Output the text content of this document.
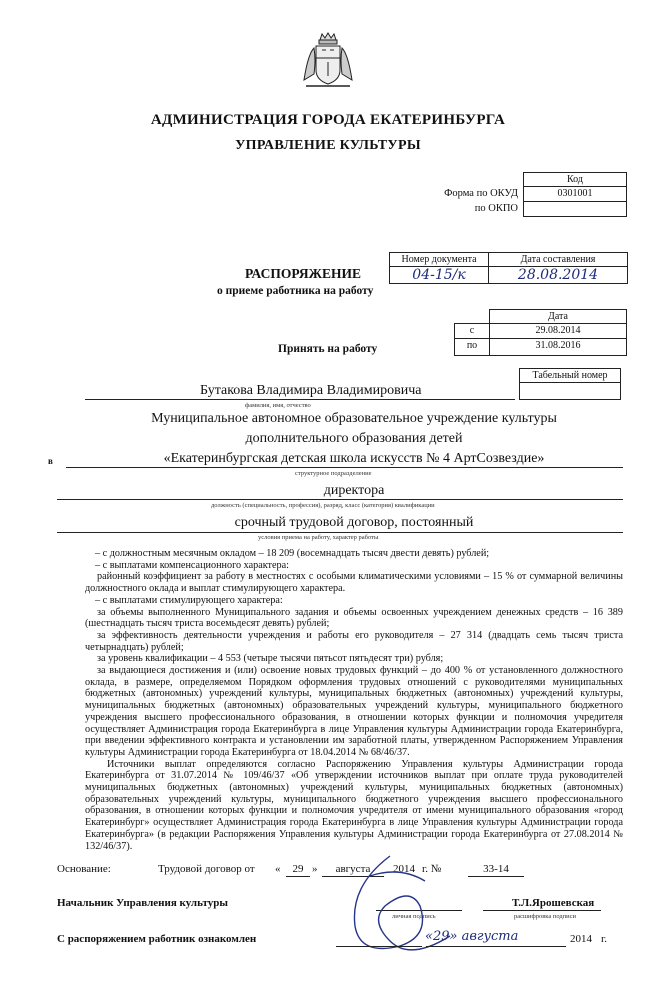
АДМИНИСТРАЦИЯ ГОРОДА ЕКАТЕРИНБУРГА
УПРАВЛЕНИЕ КУЛЬТУРЫ
Код
Форма по ОКУД	0301001
по ОКПО
Номер документа	Дата составления
РАСПОРЯЖЕНИЕ	04-15/к	28.08.2014
о приеме работника на работу
Дата
с	29.08.2014
Принять на работу	по	31.08.2016
Табельный номер
Бутакова Владимира Владимировича
фамилия, имя, отчество
Муниципальное автономное образовательное учреждение культуры
дополнительного образования детей
в	«Екатеринбургская детская школа искусств № 4 АртСозвездие»
структурное подразделение
директора
должность (специальность, профессия), разряд, класс (категория) квалификации
срочный трудовой договор, постоянный
условия приема на работу, характер работы

– с должностным месячным окладом – 18 209 (восемнадцать тысяч двести девять) рублей;

– с выплатами компенсационного характера:

районный коэффициент за работу в местностях с особыми климатическими условиями – 15 % от суммарной величины должностного оклада и выплат стимулирующего характера.

– с выплатами стимулирующего характера:

за объемы выполненного Муниципального задания и объемы освоенных учреждением денежных средств – 16 389 (шестнадцать тысяч триста восемьдесят девять) рублей;

за эффективность деятельности учреждения и работы его руководителя – 27 314 (двадцать семь тысяч триста четырнадцать) рублей;

за уровень квалификации – 4 553 (четыре тысячи пятьсот пятьдесят три) рубля;

за выдающиеся достижения и (или) освоение новых трудовых функций – до 400 % от установленного должностного оклада, в размере, определяемом Порядком оформления трудовых отношений с руководителями муниципальных бюджетных (автономных) учреждений культуры, муниципальных бюджетных (автономных) учреждений культуры, муниципальных бюджетных (автономных) образовательных учреждений культуры, муниципального бюджетного учреждения высшего профессионального образования, в отношении которых функции и полномочия учредителя осуществляет Администрация города Екатеринбурга в лице Управления культуры Администрации города Екатеринбурга, при введении эффективного контракта и установлении им заработной платы, утвержденном Распоряжением Управления культуры Администрации города Екатеринбурга от 18.04.2014 № 68/46/37.

Источники выплат определяются согласно Распоряжению Управления культуры Администрации города Екатеринбурга от 31.07.2014 № 109/46/37 «Об утверждении источников выплат при оплате труда руководителей муниципальных бюджетных (автономных) учреждений культуры, муниципальных бюджетных (автономных) образовательных учреждений культуры, муниципального бюджетного учреждения высшего профессионального образования, в отношении которых функции и полномочия учредителя от имени муниципального образования «город Екатеринбург» осуществляет Администрация города Екатеринбурга в лице Управления культуры Администрации города Екатеринбурга» (в редакции Распоряжения Управления культуры Администрации города Екатеринбурга от 27.08.2014 № 132/46/37).

Основание:	Трудовой договор от «	29 »	августа	2014 г. №	33-14
Начальник Управления культуры
личная подпись
Т.Л.Ярошевская
расшифровка подписи
С распоряжением работник ознакомлен	«29» августа	2014 г.
